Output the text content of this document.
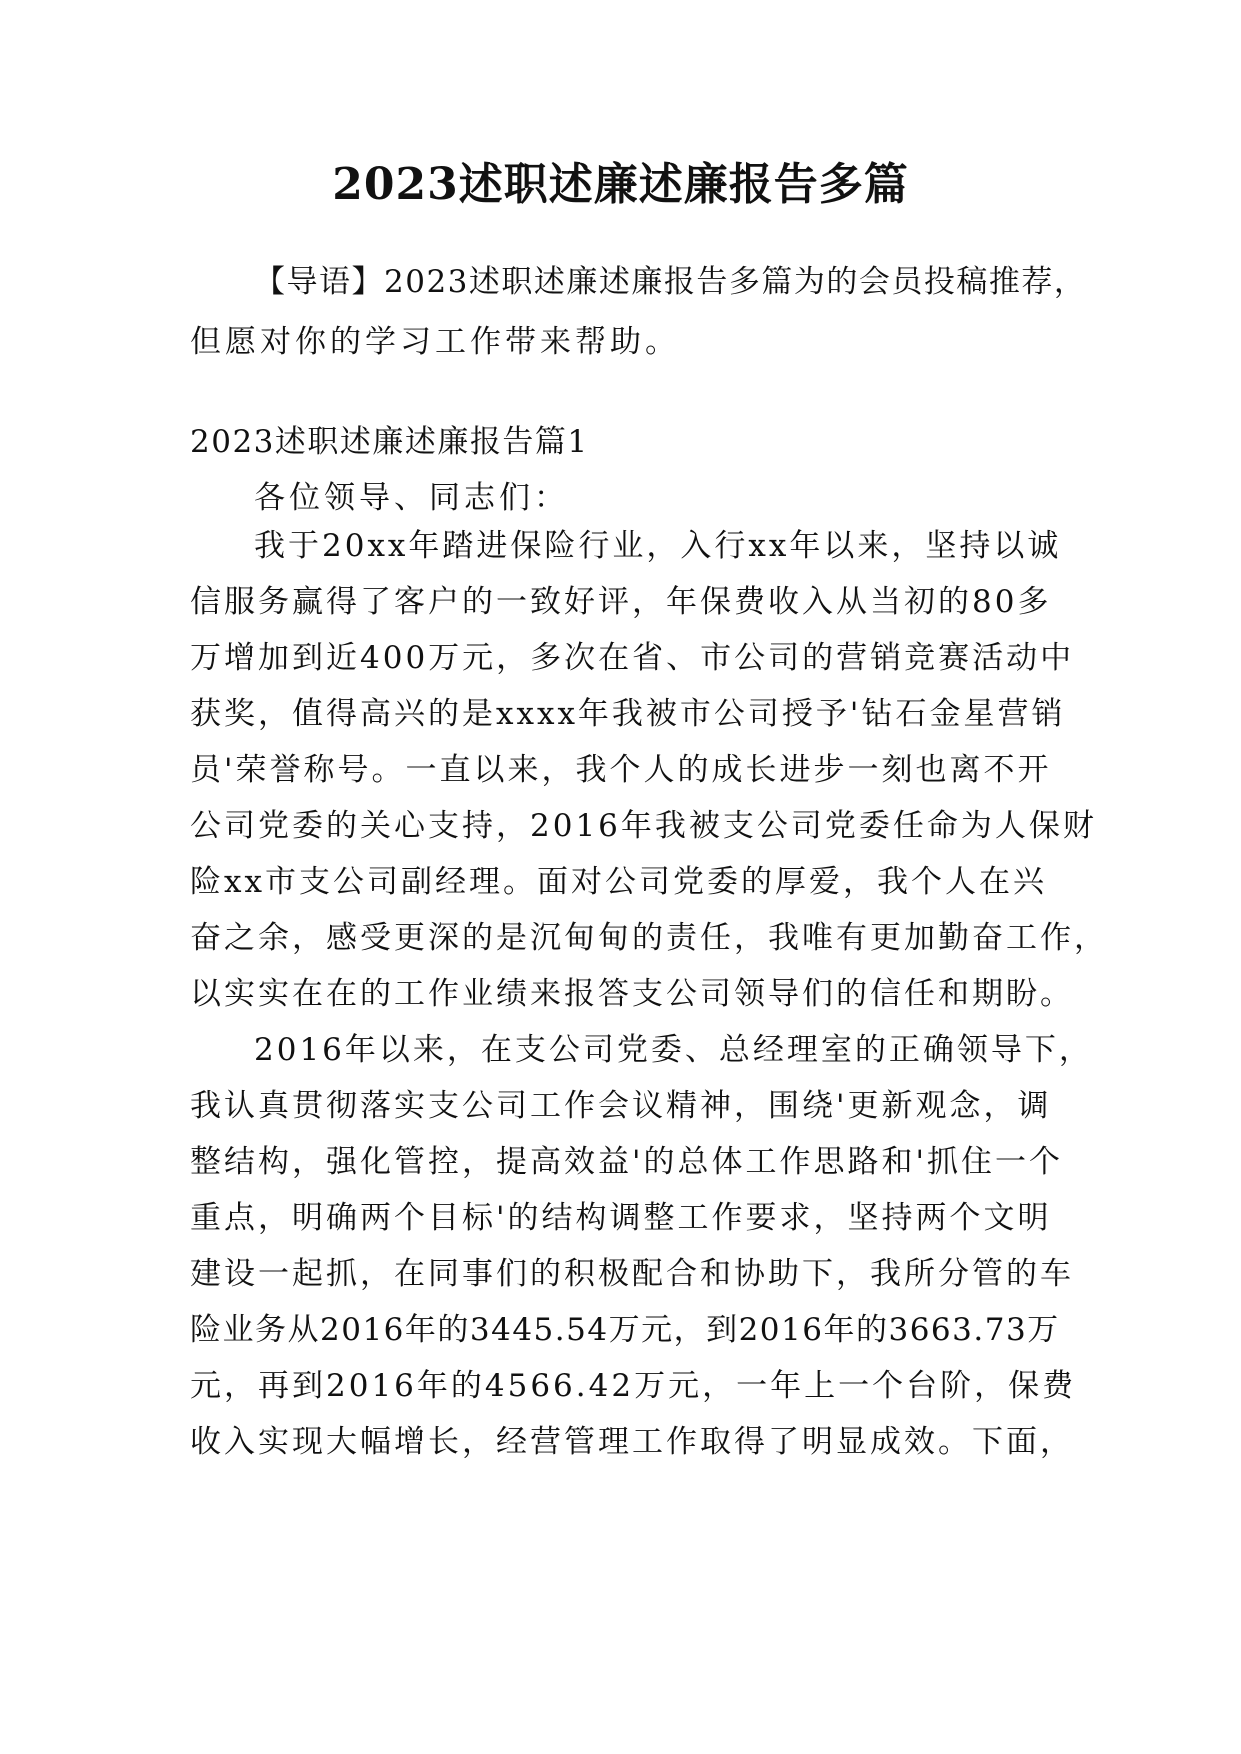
2023述职述廉述廉报告多篇
【导语】2023述职述廉述廉报告多篇为的会员投稿推荐，
但愿对你的学习工作带来帮助。
2023述职述廉述廉报告篇1
各位领导、同志们：
我于20xx年踏进保险行业，入行xx年以来，坚持以诚
信服务赢得了客户的一致好评，年保费收入从当初的80多
万增加到近400万元，多次在省、市公司的营销竞赛活动中
获奖，值得高兴的是xxxx年我被市公司授予'钻石金星营销
员'荣誉称号。一直以来，我个人的成长进步一刻也离不开
公司党委的关心支持，2016年我被支公司党委任命为人保财
险xx市支公司副经理。面对公司党委的厚爱，我个人在兴
奋之余，感受更深的是沉甸甸的责任，我唯有更加勤奋工作，
以实实在在的工作业绩来报答支公司领导们的信任和期盼。
2016年以来，在支公司党委、总经理室的正确领导下，
我认真贯彻落实支公司工作会议精神，围绕'更新观念，调
整结构，强化管控，提高效益'的总体工作思路和'抓住一个
重点，明确两个目标'的结构调整工作要求，坚持两个文明
建设一起抓，在同事们的积极配合和协助下，我所分管的车
险业务从2016年的3445.54万元，到2016年的3663.73万
元，再到2016年的4566.42万元，一年上一个台阶，保费
收入实现大幅增长，经营管理工作取得了明显成效。下面，
